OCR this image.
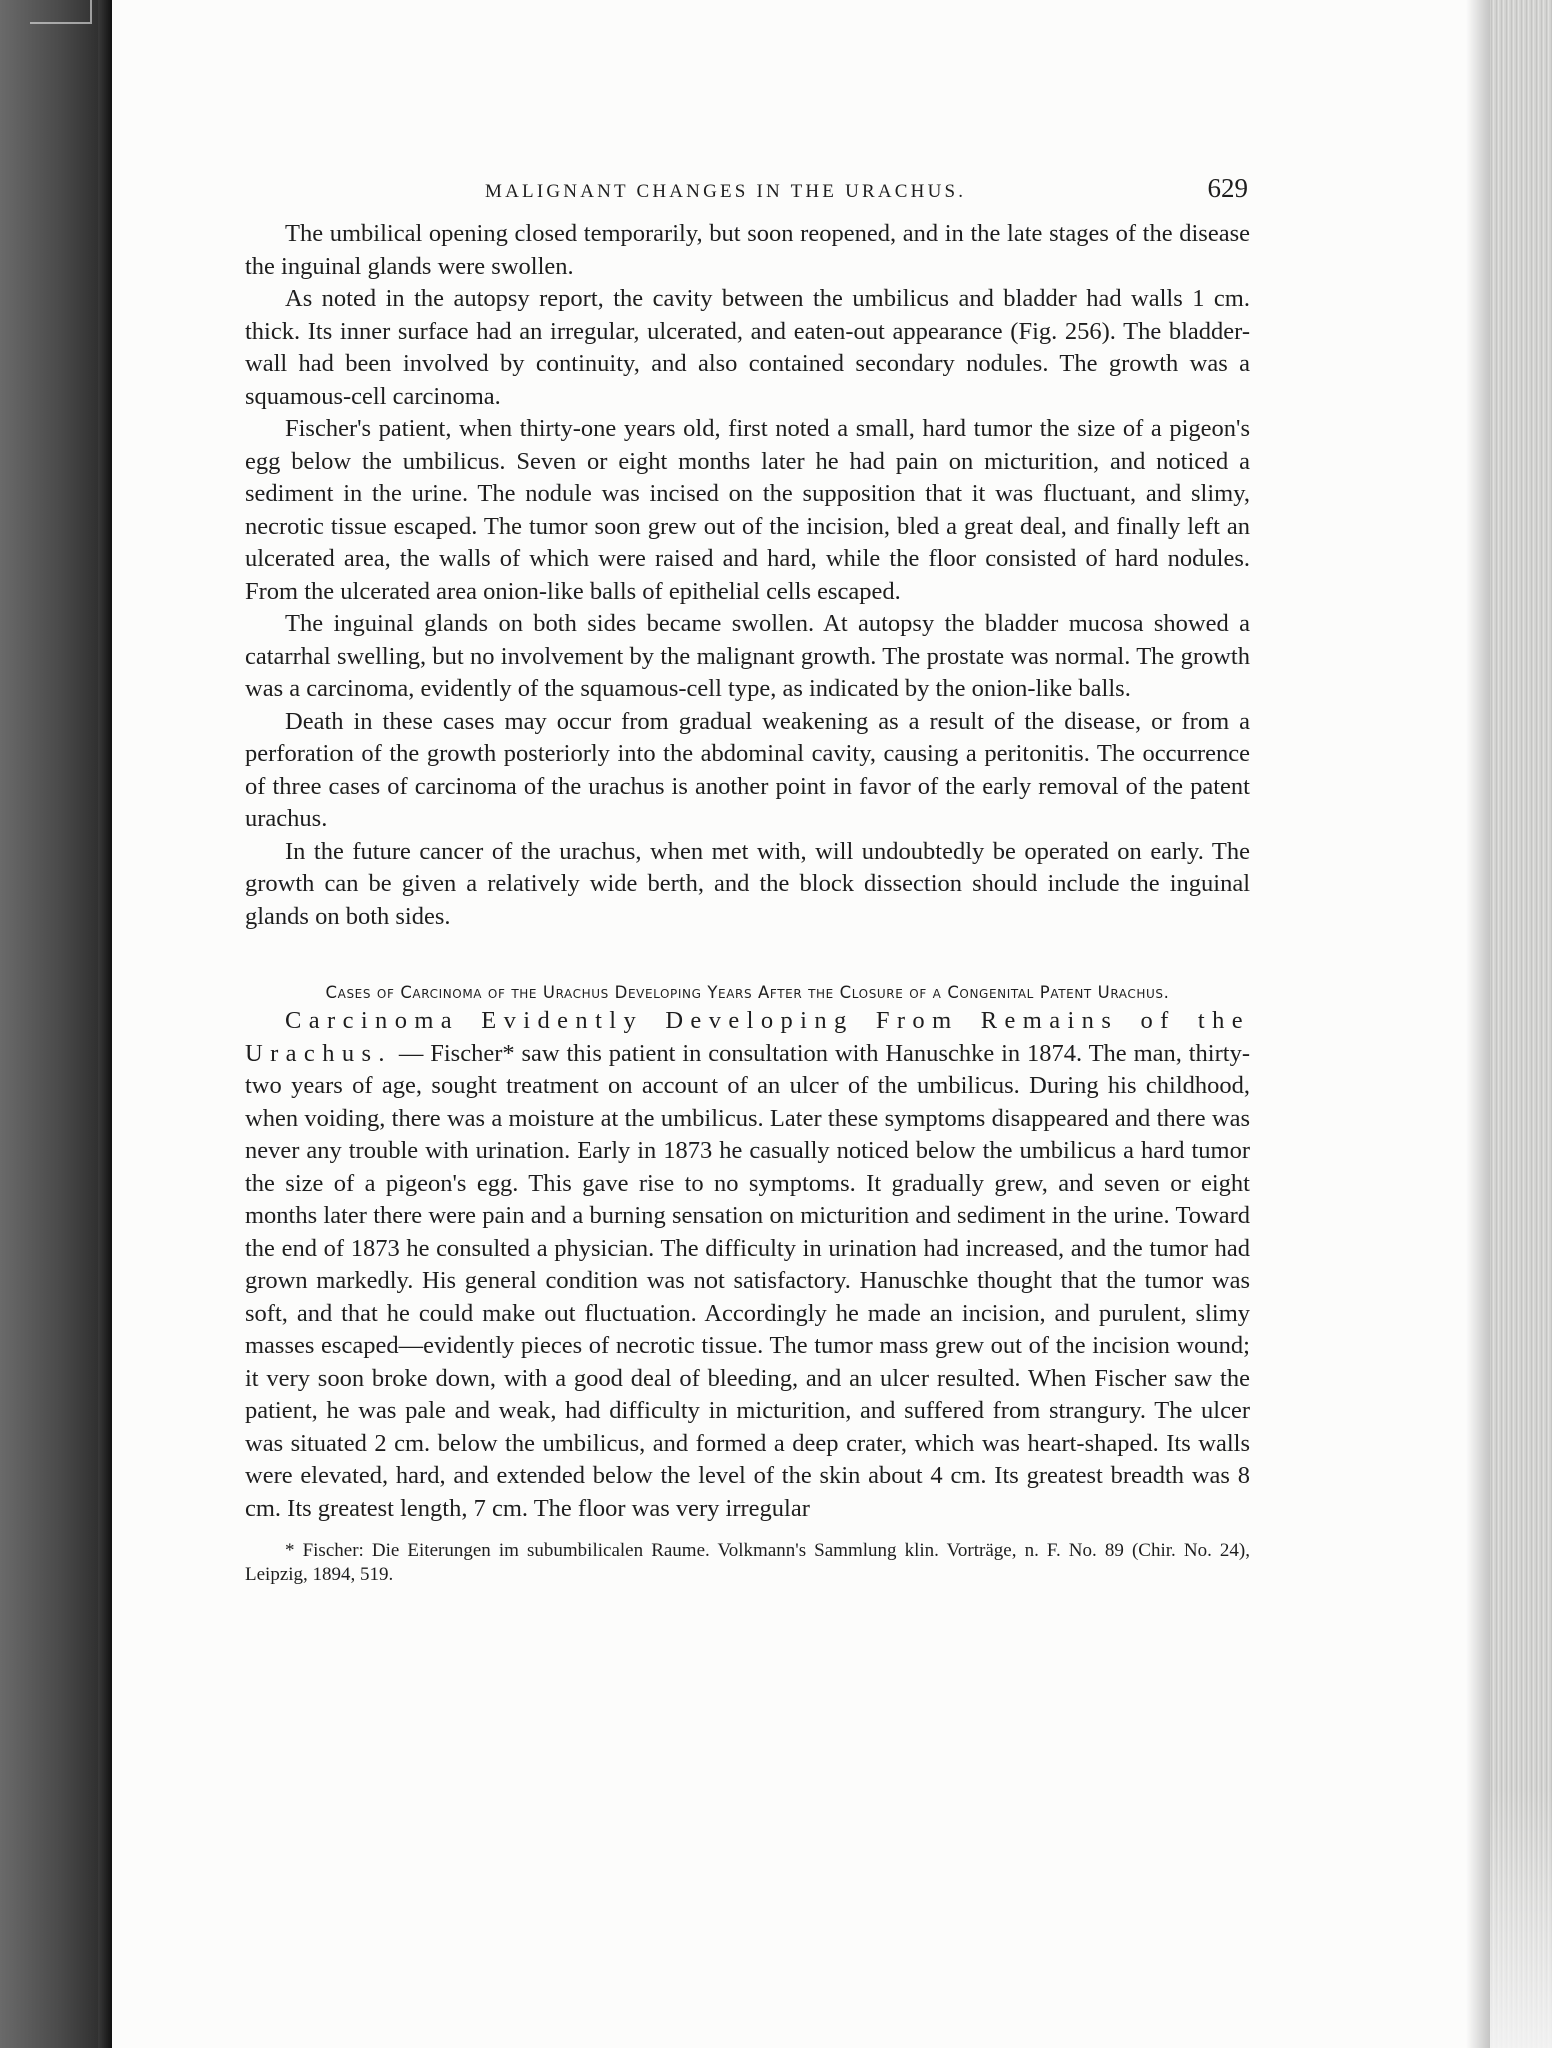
MALIGNANT CHANGES IN THE URACHUS.	629

The umbilical opening closed temporarily, but soon reopened, and in the late stages of the disease the inguinal glands were swollen.

As noted in the autopsy report, the cavity between the umbilicus and bladder had walls 1 cm. thick. Its inner surface had an irregular, ulcerated, and eaten-out appearance (Fig. 256). The bladder-wall had been involved by continuity, and also contained secondary nodules. The growth was a squamous-cell carcinoma.

Fischer's patient, when thirty-one years old, first noted a small, hard tumor the size of a pigeon's egg below the umbilicus. Seven or eight months later he had pain on micturition, and noticed a sediment in the urine. The nodule was incised on the supposition that it was fluctuant, and slimy, necrotic tissue escaped. The tumor soon grew out of the incision, bled a great deal, and finally left an ulcerated area, the walls of which were raised and hard, while the floor consisted of hard nodules. From the ulcerated area onion-like balls of epithelial cells escaped.

The inguinal glands on both sides became swollen. At autopsy the bladder mucosa showed a catarrhal swelling, but no involvement by the malignant growth. The prostate was normal. The growth was a carcinoma, evidently of the squamous-cell type, as indicated by the onion-like balls.

Death in these cases may occur from gradual weakening as a result of the disease, or from a perforation of the growth posteriorly into the abdominal cavity, causing a peritonitis. The occurrence of three cases of carcinoma of the urachus is another point in favor of the early removal of the patent urachus.

In the future cancer of the urachus, when met with, will undoubtedly be operated on early. The growth can be given a relatively wide berth, and the block dissection should include the inguinal glands on both sides.

Cases of Carcinoma of the Urachus Developing Years After the Closure of a Congenital Patent Urachus.

Carcinoma Evidently Developing From Remains of the Urachus. — Fischer* saw this patient in consultation with Hanuschke in 1874. The man, thirty-two years of age, sought treatment on account of an ulcer of the umbilicus. During his childhood, when voiding, there was a moisture at the umbilicus. Later these symptoms disappeared and there was never any trouble with urination. Early in 1873 he casually noticed below the umbilicus a hard tumor the size of a pigeon's egg. This gave rise to no symptoms. It gradually grew, and seven or eight months later there were pain and a burning sensation on micturition and sediment in the urine. Toward the end of 1873 he consulted a physician. The difficulty in urination had increased, and the tumor had grown markedly. His general condition was not satisfactory. Hanuschke thought that the tumor was soft, and that he could make out fluctuation. Accordingly he made an incision, and purulent, slimy masses escaped—evidently pieces of necrotic tissue. The tumor mass grew out of the incision wound; it very soon broke down, with a good deal of bleeding, and an ulcer resulted. When Fischer saw the patient, he was pale and weak, had difficulty in micturition, and suffered from strangury. The ulcer was situated 2 cm. below the umbilicus, and formed a deep crater, which was heart-shaped. Its walls were elevated, hard, and extended below the level of the skin about 4 cm. Its greatest breadth was 8 cm. Its greatest length, 7 cm. The floor was very irregular

* Fischer: Die Eiterungen im subumbilicalen Raume. Volkmann's Sammlung klin. Vorträge, n. F. No. 89 (Chir. No. 24), Leipzig, 1894, 519.
